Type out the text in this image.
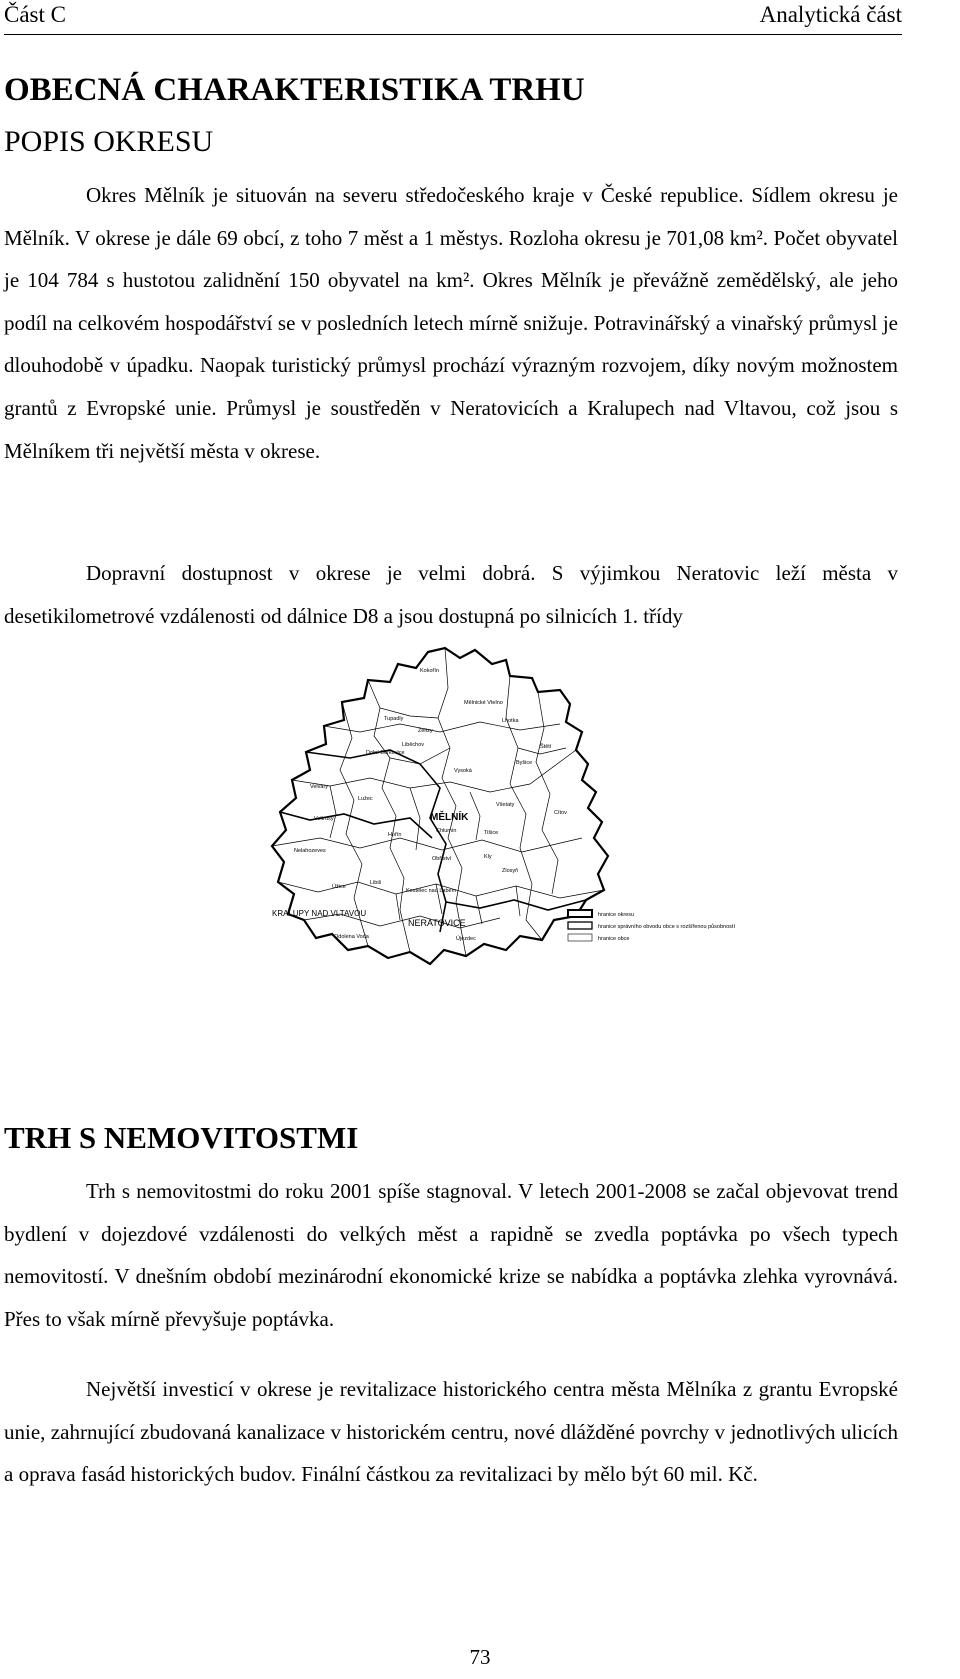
Část C	Analytická část
OBECNÁ CHARAKTERISTIKA TRHU
POPIS OKRESU

Okres Mělník je situován na severu středočeského kraje v České republice. Sídlem okresu je Mělník. V okrese je dále 69 obcí, z toho 7 měst a 1 městys. Rozloha okresu je 701,08 km². Počet obyvatel je 104 784 s hustotou zalidnění 150 obyvatel na km². Okres Mělník je převážně zemědělský, ale jeho podíl na celkovém hospodářství se v posledních letech mírně snižuje. Potravinářský a vinařský průmysl je dlouhodobě v úpadku. Naopak turistický průmysl prochází výrazným rozvojem, díky novým možnostem grantů z Evropské unie. Průmysl je soustředěn v Neratovicích a Kralupech nad Vltavou, což jsou s Mělníkem tři největší města v okrese.

Dopravní dostupnost v okrese je velmi dobrá. S výjimkou Neratovic leží města v desetikilometrové vzdálenosti od dálnice D8 a jsou dostupná po silnicích 1. třídy

MĚLNÍK
NERATOVICE
KRALUPY NAD VLTAVOU
Kokořín
Mělnické Vtelno
Lhotka
Vysoká
Dolní Beřkovice
Byšice
Liběchov
Tupadly
Želízy
Hořín
Veltrusy
Libiš
Kly
Všetaty
Obříství
Tišice
Chlumín
Zlosyň
Úžice
Nelahozeves
Odolena Voda
Kostelec nad Labem
Újezdec
Štětí
Cítov
Lužec
Velvary
hranice okresu
hranice správního obvodu obce s rozšířenou působností
hranice obce
TRH S NEMOVITOSTMI

Trh s nemovitostmi do roku 2001 spíše stagnoval. V letech 2001-2008 se začal objevovat trend bydlení v dojezdové vzdálenosti do velkých měst a rapidně se zvedla poptávka po všech typech nemovitostí. V dnešním období mezinárodní ekonomické krize se nabídka a poptávka zlehka vyrovnává. Přes to však mírně převyšuje poptávka.

Největší investicí v okrese je revitalizace historického centra města Mělníka z grantu Evropské unie, zahrnující zbudovaná kanalizace v historickém centru, nové dlážděné povrchy v jednotlivých ulicích a oprava fasád historických budov. Finální částkou za revitalizaci by mělo být 60 mil. Kč.

73
